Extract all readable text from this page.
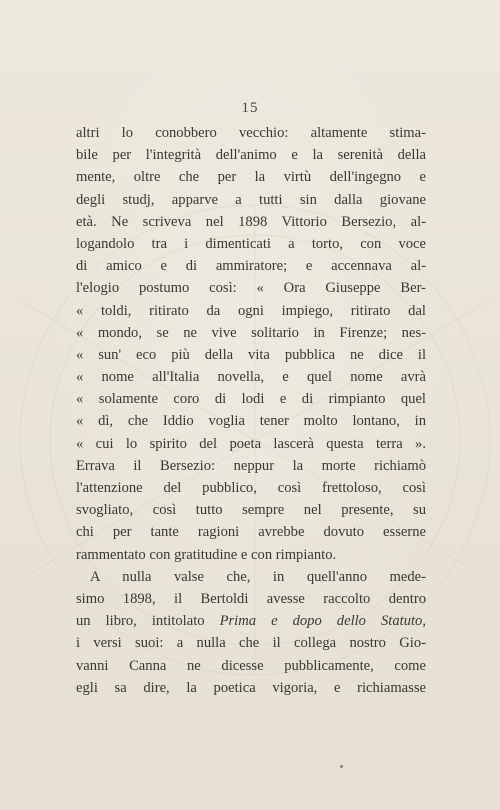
15
altri lo conobbero vecchio: altamente stima-
bile per l'integrità dell'animo e la serenità della
mente, oltre che per la virtù dell'ingegno e
degli studj, apparve a tutti sin dalla giovane
età. Ne scriveva nel 1898 Vittorio Bersezio, al-
logandolo tra i dimenticati a torto, con voce
di amico e di ammiratore; e accennava al-
l'elogio postumo così: « Ora Giuseppe Ber-
« toldi, ritirato da ogni impiego, ritirato dal
« mondo, se ne vive solitario in Firenze; nes-
« sun' eco più della vita pubblica ne dice il
« nome all'Italia novella, e quel nome avrà
« solamente coro di lodi e di rimpianto quel
« dì, che Iddio voglia tener molto lontano, in
« cui lo spirito del poeta lascerà questa terra ».
Errava il Bersezio: neppur la morte richiamò
l'attenzione del pubblico, così frettoloso, così
svogliato, così tutto sempre nel presente, su
chi per tante ragioni avrebbe dovuto esserne
rammentato con gratitudine e con rimpianto.
A nulla valse che, in quell'anno mede-
simo 1898, il Bertoldi avesse raccolto dentro
un libro, intitolato Prima e dopo dello Statuto,
i versi suoi: a nulla che il collega nostro Gio-
vanni Canna ne dicesse pubblicamente, come
egli sa dire, la poetica vigoria, e richiamasse
